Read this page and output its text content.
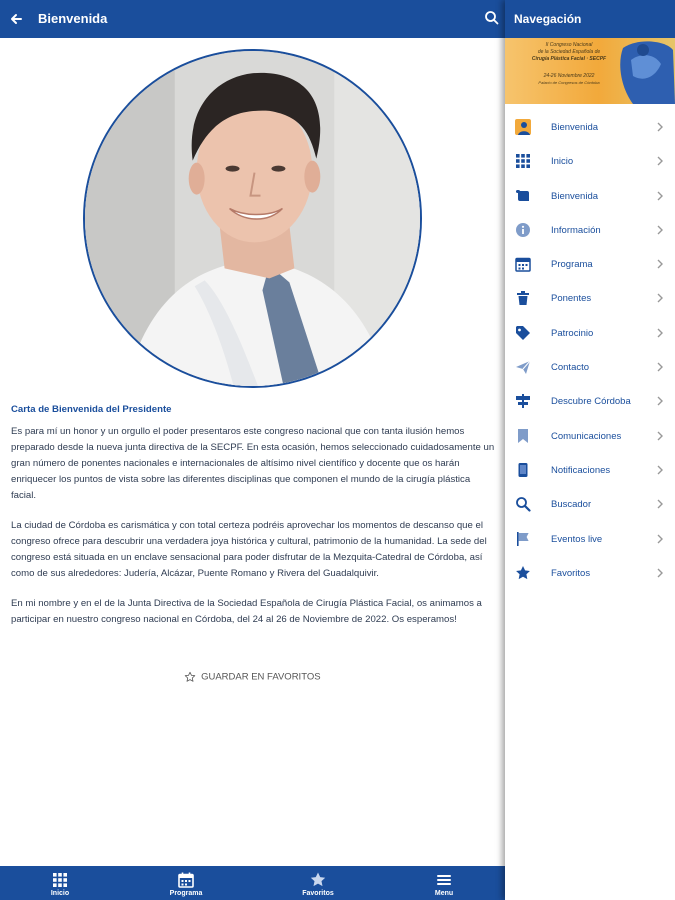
Bienvenida
Carta de Bienvenida del Presidente

Es para mí un honor y un orgullo el poder presentaros este congreso nacional que con tanta ilusión hemos preparado desde la nueva junta directiva de la SECPF. En esta ocasión, hemos seleccionado cuidadosamente un gran número de ponentes nacionales e internacionales de altísimo nivel científico y docente que os harán enriquecer los puntos de vista sobre las diferentes disciplinas que componen el mundo de la cirugía plástica facial.

La ciudad de Córdoba es carismática y con total certeza podréis aprovechar los momentos de descanso que el congreso ofrece para descubrir una verdadera joya histórica y cultural, patrimonio de la humanidad. La sede del congreso está situada en un enclave sensacional para poder disfrutar de la Mezquita-Catedral de Córdoba, así como de sus alrededores: Judería, Alcázar, Puente Romano y Rivera del Guadalquivir.

En mi nombre y en el de la Junta Directiva de la Sociedad Española de Cirugía Plástica Facial, os animamos a participar en nuestro congreso nacional en Córdoba, del 24 al 26 de Noviembre de 2022. Os esperamos!

GUARDAR EN FAVORITOS
Inicio	Programa	Favoritos	Menu
Navegación
II Congreso Nacional
de la Sociedad Española de
Cirugía Plástica Facial · SECPF
24-26 Noviembre 2022
Palacio de Congresos de Córdoba
Bienvenida
Inicio
Bienvenida
Información
Programa
Ponentes
Patrocinio
Contacto
Descubre Córdoba
Comunicaciones
Notificaciones
Buscador
Eventos live
Favoritos
